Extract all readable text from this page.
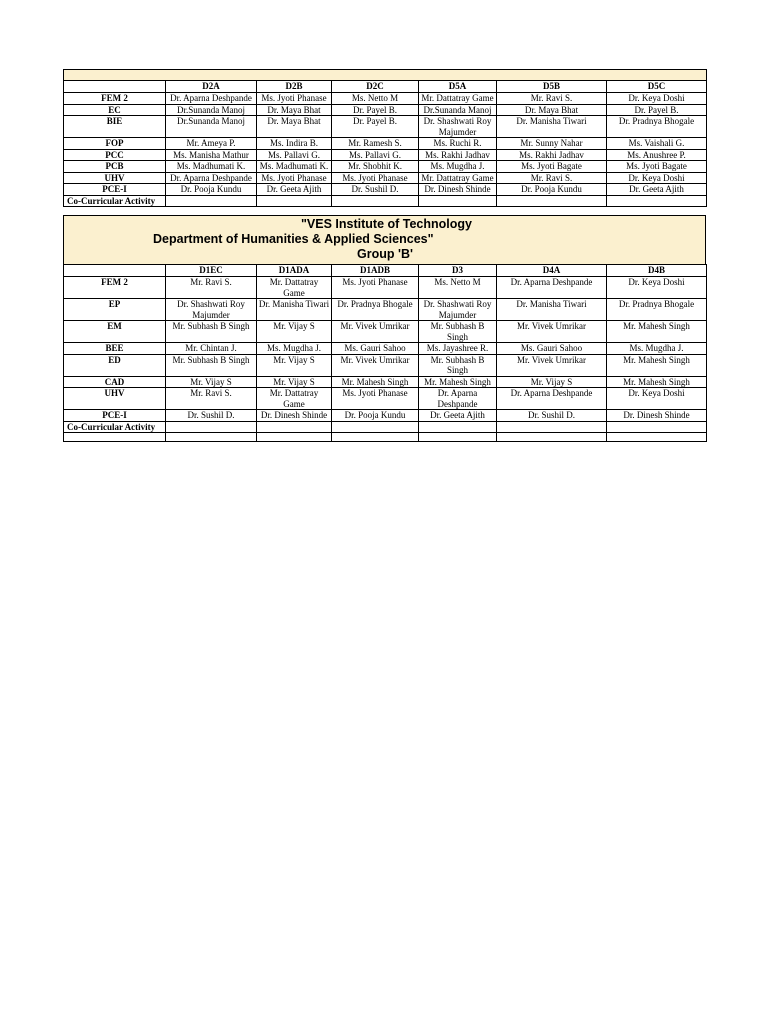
	D2A	D2B	D2C	D5A	D5B	D5C
FEM 2	Dr. Aparna Deshpande	Ms. Jyoti Phanase	Ms. Netto M	Mr. Dattatray Game	Mr. Ravi S.	Dr. Keya Doshi
EC	Dr.Sunanda Manoj	Dr. Maya Bhat	Dr. Payel B.	Dr.Sunanda Manoj	Dr. Maya Bhat	Dr. Payel B.
BIE	Dr.Sunanda Manoj	Dr. Maya Bhat	Dr. Payel B.	Dr. Shashwati Roy Majumder	Dr. Manisha Tiwari	Dr. Pradnya Bhogale
FOP	Mr. Ameya P.	Ms. Indira B.	Mr. Ramesh S.	Ms. Ruchi R.	Mr. Sunny Nahar	Ms. Vaishali G.
PCC	Ms. Manisha Mathur	Ms. Pallavi G.	Ms. Pallavi G.	Ms. Rakhi Jadhav	Ms. Rakhi Jadhav	Ms. Anushree P.
PCB	Ms. Madhumati K.	Ms. Madhumati K.	Mr. Shobhit K.	Ms. Mugdha J.	Ms. Jyoti Bagate	Ms. Jyoti Bagate
UHV	Dr. Aparna Deshpande	Ms. Jyoti Phanase	Ms. Jyoti Phanase	Mr. Dattatray Game	Mr. Ravi S.	Dr. Keya Doshi
PCE-I	Dr. Pooja Kundu	Dr. Geeta Ajith	Dr. Sushil D.	Dr. Dinesh Shinde	Dr. Pooja Kundu	Dr. Geeta Ajith
Co-Curricular Activity						
"VES Institute of Technology
Department of Humanities & Applied Sciences"
Group 'B'
	D1EC	D1ADA	D1ADB	D3	D4A	D4B
FEM 2	Mr. Ravi S.	Mr. Dattatray Game	Ms. Jyoti Phanase	Ms. Netto M	Dr. Aparna Deshpande	Dr. Keya Doshi
EP	Dr. Shashwati Roy Majumder	Dr. Manisha Tiwari	Dr. Pradnya Bhogale	Dr. Shashwati Roy Majumder	Dr. Manisha Tiwari	Dr. Pradnya Bhogale
EM	Mr. Subhash B Singh	Mr. Vijay S	Mr. Vivek Umrikar	Mr. Subhash B Singh	Mr. Vivek Umrikar	Mr. Mahesh Singh
BEE	Mr. Chintan J.	Ms. Mugdha J.	Ms. Gauri Sahoo	Ms. Jayashree R.	Ms. Gauri Sahoo	Ms. Mugdha J.
ED	Mr. Subhash B Singh	Mr. Vijay S	Mr. Vivek Umrikar	Mr. Subhash B Singh	Mr. Vivek Umrikar	Mr. Mahesh Singh
CAD	Mr. Vijay S	Mr. Vijay S	Mr. Mahesh Singh	Mr. Mahesh Singh	Mr. Vijay S	Mr. Mahesh Singh
UHV	Mr. Ravi S.	Mr. Dattatray Game	Ms. Jyoti Phanase	Dr. Aparna Deshpande	Dr. Aparna Deshpande	Dr. Keya Doshi
PCE-I	Dr. Sushil D.	Dr. Dinesh Shinde	Dr. Pooja Kundu	Dr. Geeta Ajith	Dr. Sushil D.	Dr. Dinesh Shinde
Co-Curricular Activity						
